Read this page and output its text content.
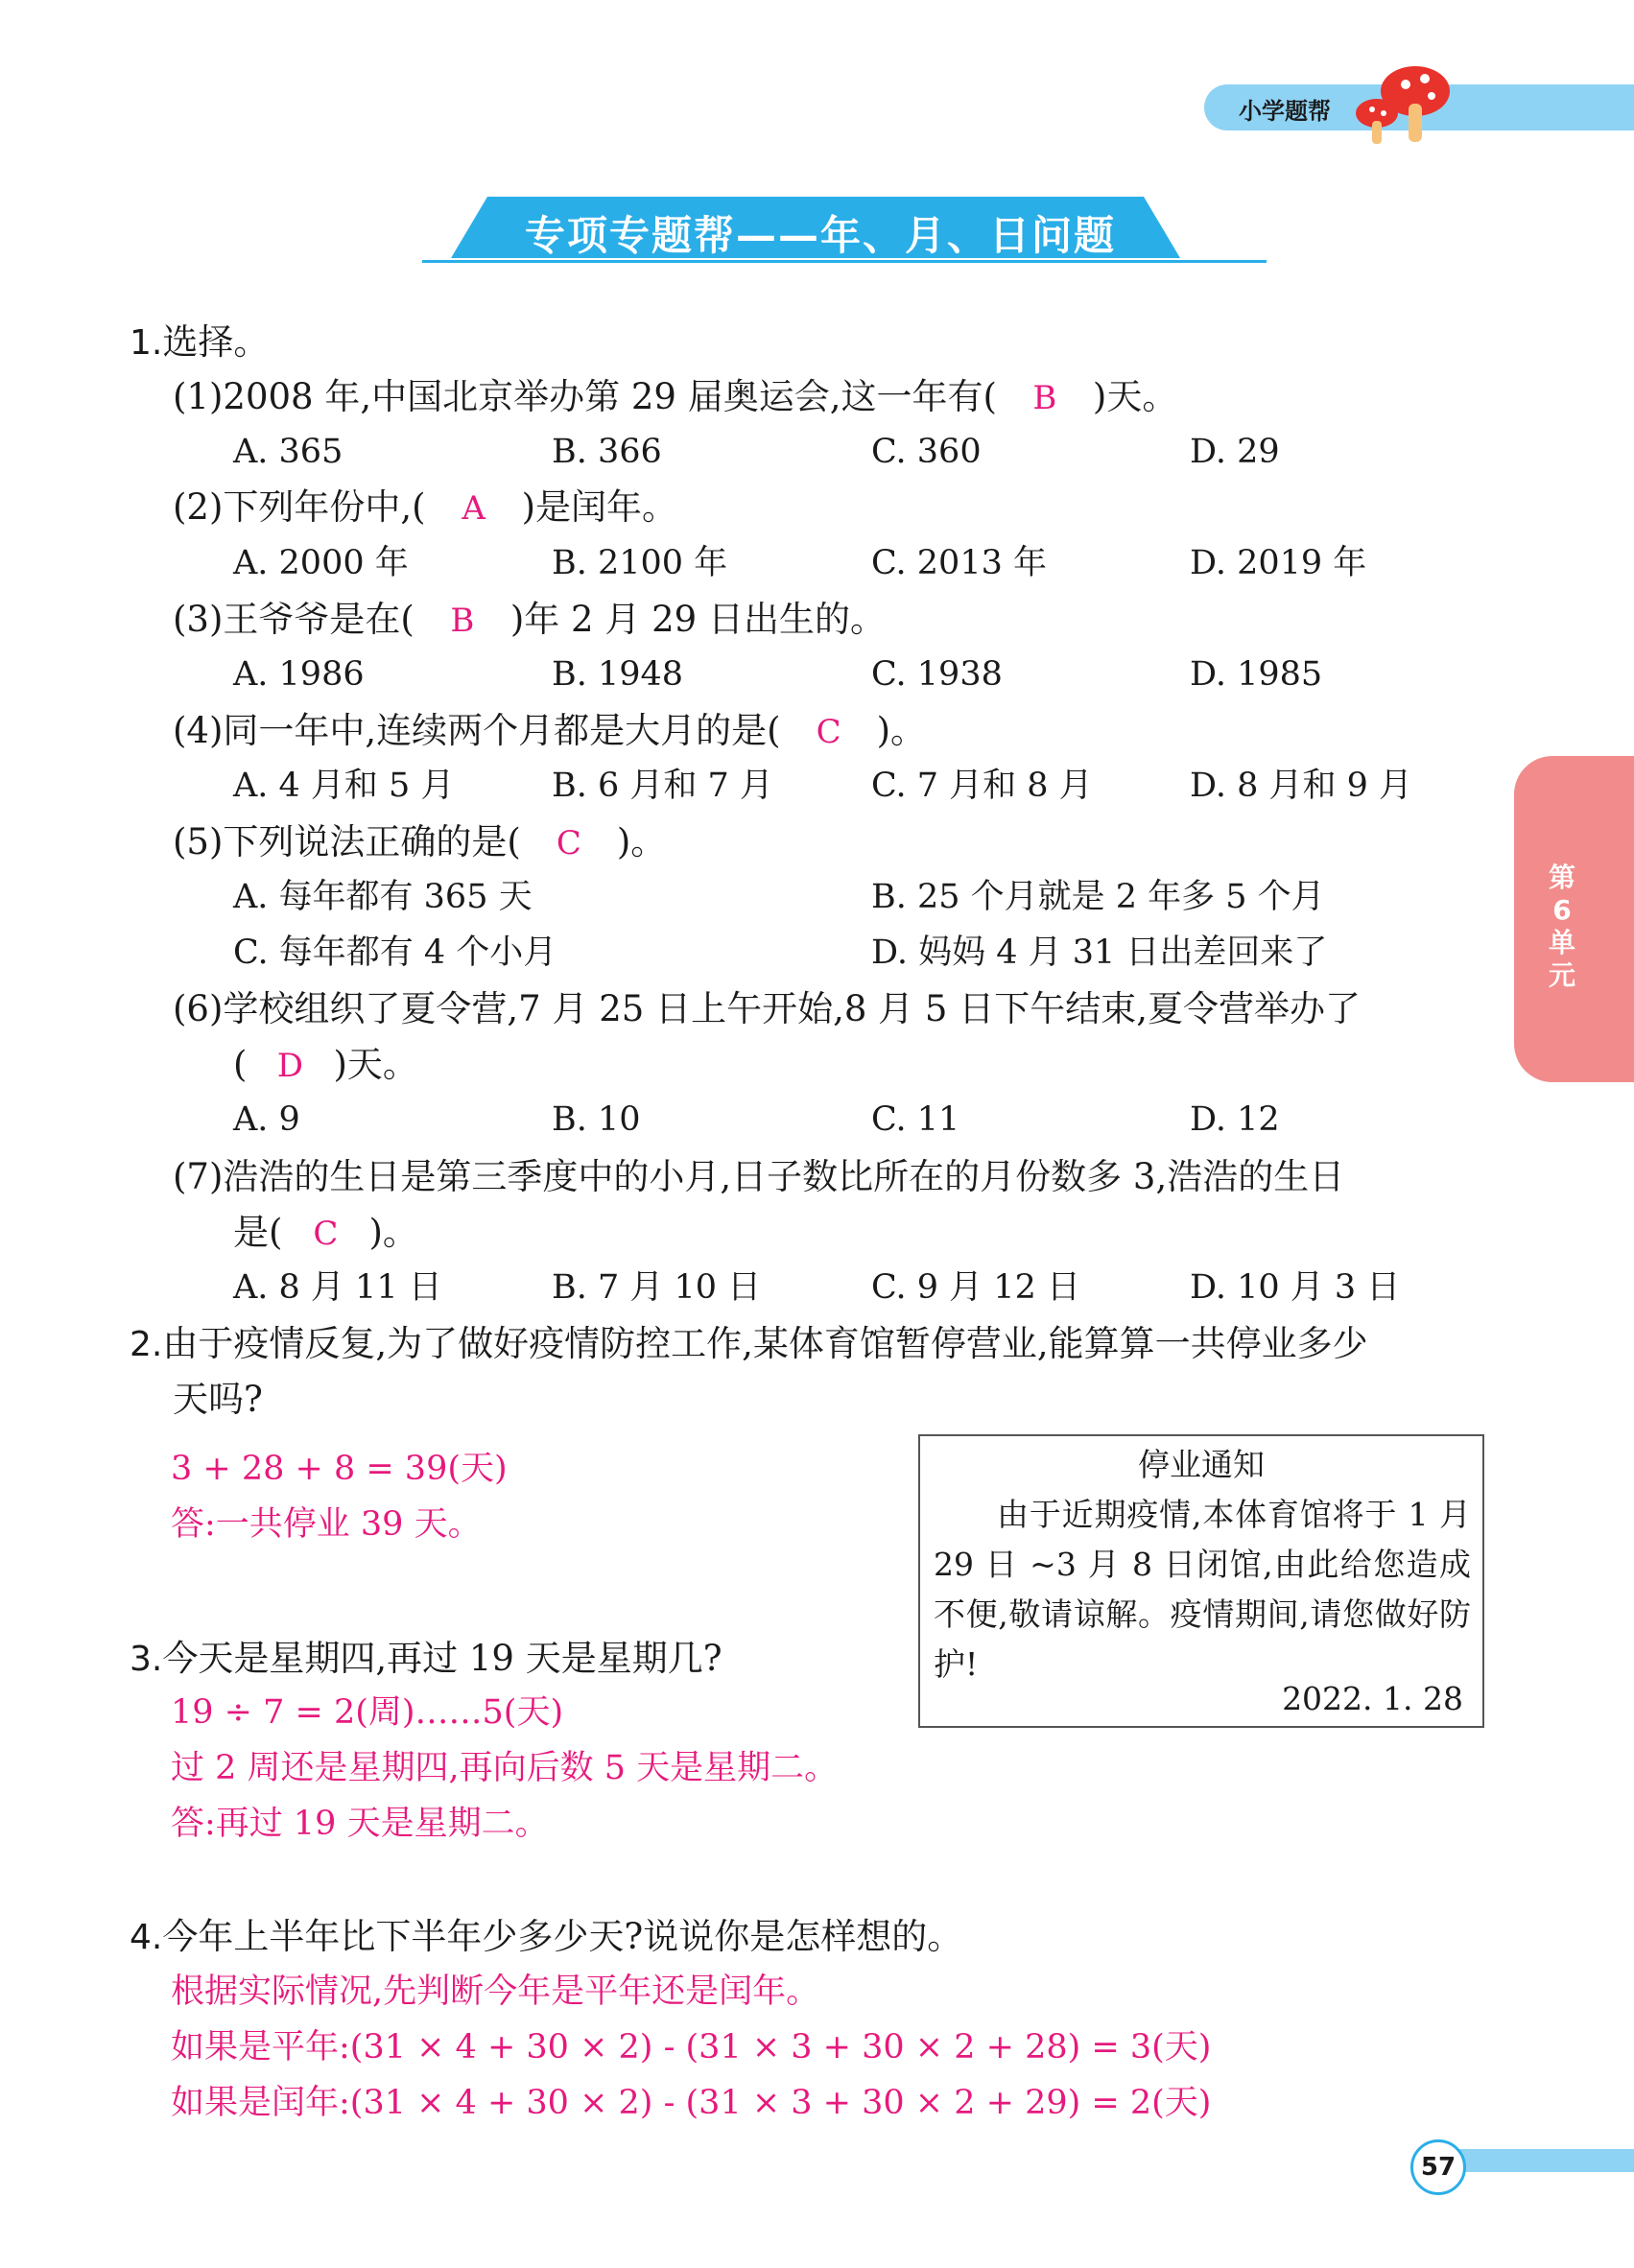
小学题帮
专项专题帮——年、月、日问题
第6单元
1.选择。
(1)2008 年,中国北京举办第 29 届奥运会,这一年有( B )天。
A. 365	B. 366	C. 360	D. 29
(2)下列年份中,( A )是闰年。
A. 2000 年	B. 2100 年	C. 2013 年	D. 2019 年
(3)王爷爷是在( B )年 2 月 29 日出生的。
A. 1986	B. 1948	C. 1938	D. 1985
(4)同一年中,连续两个月都是大月的是( C )。
A. 4 月和 5 月	B. 6 月和 7 月	C. 7 月和 8 月	D. 8 月和 9 月
(5)下列说法正确的是( C )。
A. 每年都有 365 天	B. 25 个月就是 2 年多 5 个月
C. 每年都有 4 个小月	D. 妈妈 4 月 31 日出差回来了
(6)学校组织了夏令营,7 月 25 日上午开始,8 月 5 日下午结束,夏令营举办了
( D )天。
A. 9	B. 10	C. 11	D. 12
(7)浩浩的生日是第三季度中的小月,日子数比所在的月份数多 3,浩浩的生日
是( C )。
A. 8 月 11 日	B. 7 月 10 日	C. 9 月 12 日	D. 10 月 3 日
2.由于疫情反复,为了做好疫情防控工作,某体育馆暂停营业,能算算一共停业多少
天吗?
3 + 28 + 8 = 39(天)
答:一共停业 39 天。
停业通知
由于近期疫情,本体育馆将于 1 月 29 日 ~3 月 8 日闭馆,由此给您造成不便,敬请谅解。疫情期间,请您做好防护!
2022. 1. 28
3.今天是星期四,再过 19 天是星期几?
19 ÷ 7 = 2(周)……5(天)
过 2 周还是星期四,再向后数 5 天是星期二。
答:再过 19 天是星期二。
4.今年上半年比下半年少多少天?说说你是怎样想的。
根据实际情况,先判断今年是平年还是闰年。
如果是平年:(31 × 4 + 30 × 2) - (31 × 3 + 30 × 2 + 28) = 3(天)
如果是闰年:(31 × 4 + 30 × 2) - (31 × 3 + 30 × 2 + 29) = 2(天)
57
